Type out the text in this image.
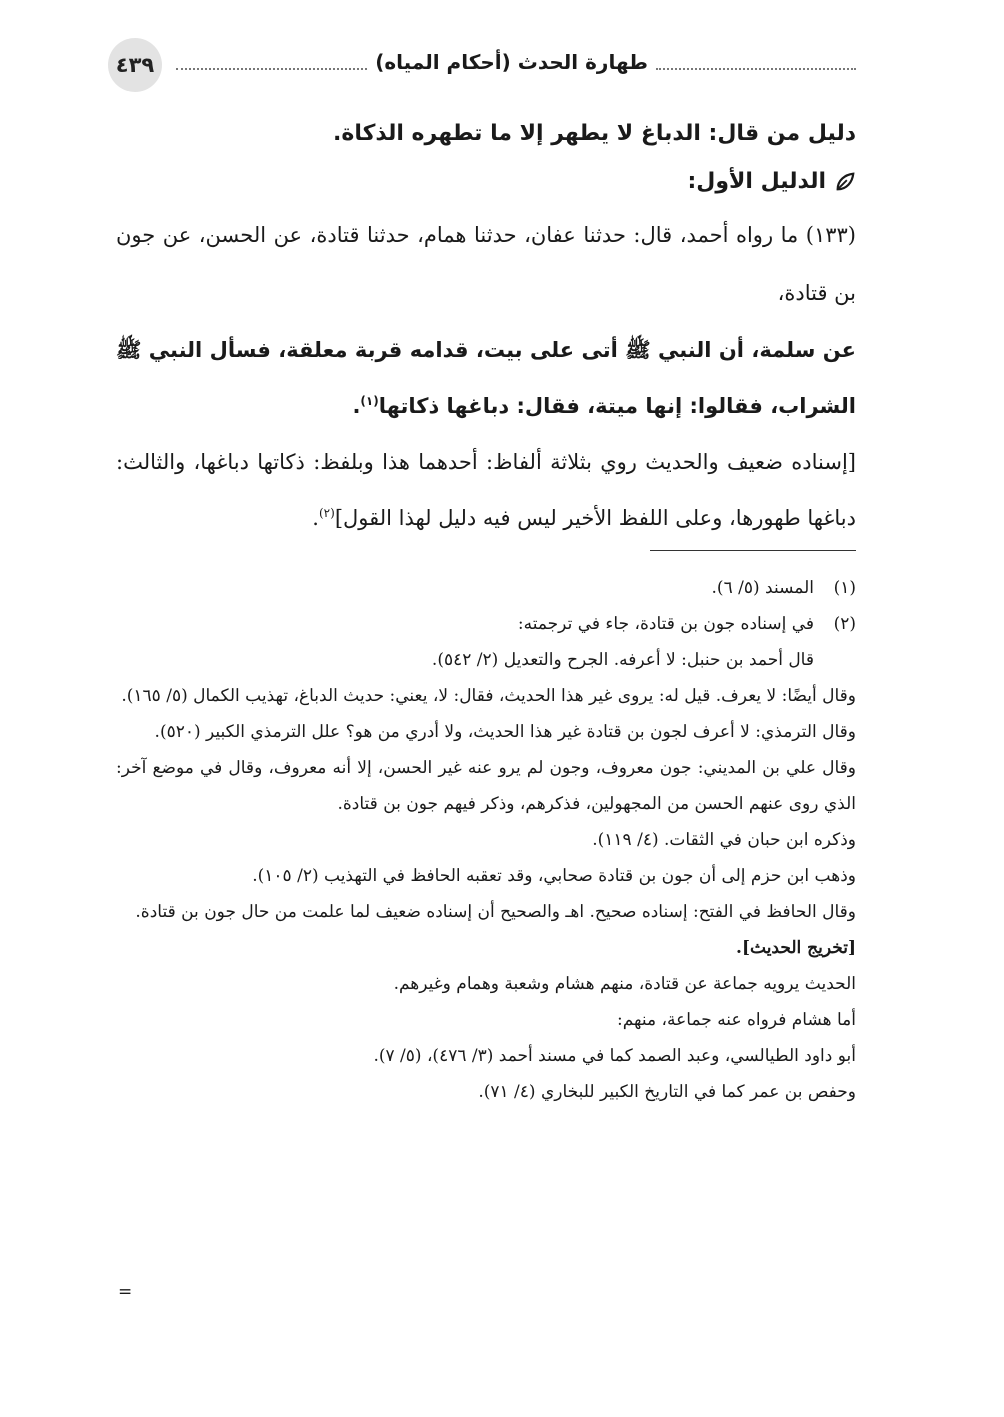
٤٣٩	طهارة الحدث (أحكام المياه)

دليل من قال: الدباغ لا يطهر إلا ما تطهره الذكاة.

الدليل الأول:

(١٣٣) ما رواه أحمد، قال: حدثنا عفان، حدثنا همام، حدثنا قتادة، عن الحسن، عن جون بن قتادة،

عن سلمة، أن النبي ﷺ أتى على بيت، قدامه قربة معلقة، فسأل النبي ﷺ الشراب، فقالوا: إنها ميتة، فقال: دباغها ذكاتها$^{(١)}$.

[إسناده ضعيف والحديث روي بثلاثة ألفاظ: أحدهما هذا وبلفظ: ذكاتها دباغها، والثالث: دباغها طهورها، وعلى اللفظ الأخير ليس فيه دليل لهذا القول]$^{(٢)}$.

(١)
المسند (٥/ ٦).
(٢)

في إسناده جون بن قتادة، جاء في ترجمته:

قال أحمد بن حنبل: لا أعرفه. الجرح والتعديل (٢/ ٥٤٢).

وقال أيضًا: لا يعرف. قيل له: يروى غير هذا الحديث، فقال: لا، يعني: حديث الدباغ، تهذيب الكمال (٥/ ١٦٥).

وقال الترمذي: لا أعرف لجون بن قتادة غير هذا الحديث، ولا أدري من هو؟ علل الترمذي الكبير (٥٢٠).

وقال علي بن المديني: جون معروف، وجون لم يرو عنه غير الحسن، إلا أنه معروف، وقال في موضع آخر: الذي روى عنهم الحسن من المجهولين، فذكرهم، وذكر فيهم جون بن قتادة.

وذكره ابن حبان في الثقات. (٤/ ١١٩).

وذهب ابن حزم إلى أن جون بن قتادة صحابي، وقد تعقبه الحافظ في التهذيب (٢/ ١٠٥).

وقال الحافظ في الفتح: إسناده صحيح. اهـ والصحيح أن إسناده ضعيف لما علمت من حال جون بن قتادة.

[تخريج الحديث].

الحديث يرويه جماعة عن قتادة، منهم هشام وشعبة وهمام وغيرهم.

أما هشام فرواه عنه جماعة، منهم:

أبو داود الطيالسي، وعبد الصمد كما في مسند أحمد (٣/ ٤٧٦)، (٥/ ٧).

وحفص بن عمر كما في التاريخ الكبير للبخاري (٤/ ٧١).

=
